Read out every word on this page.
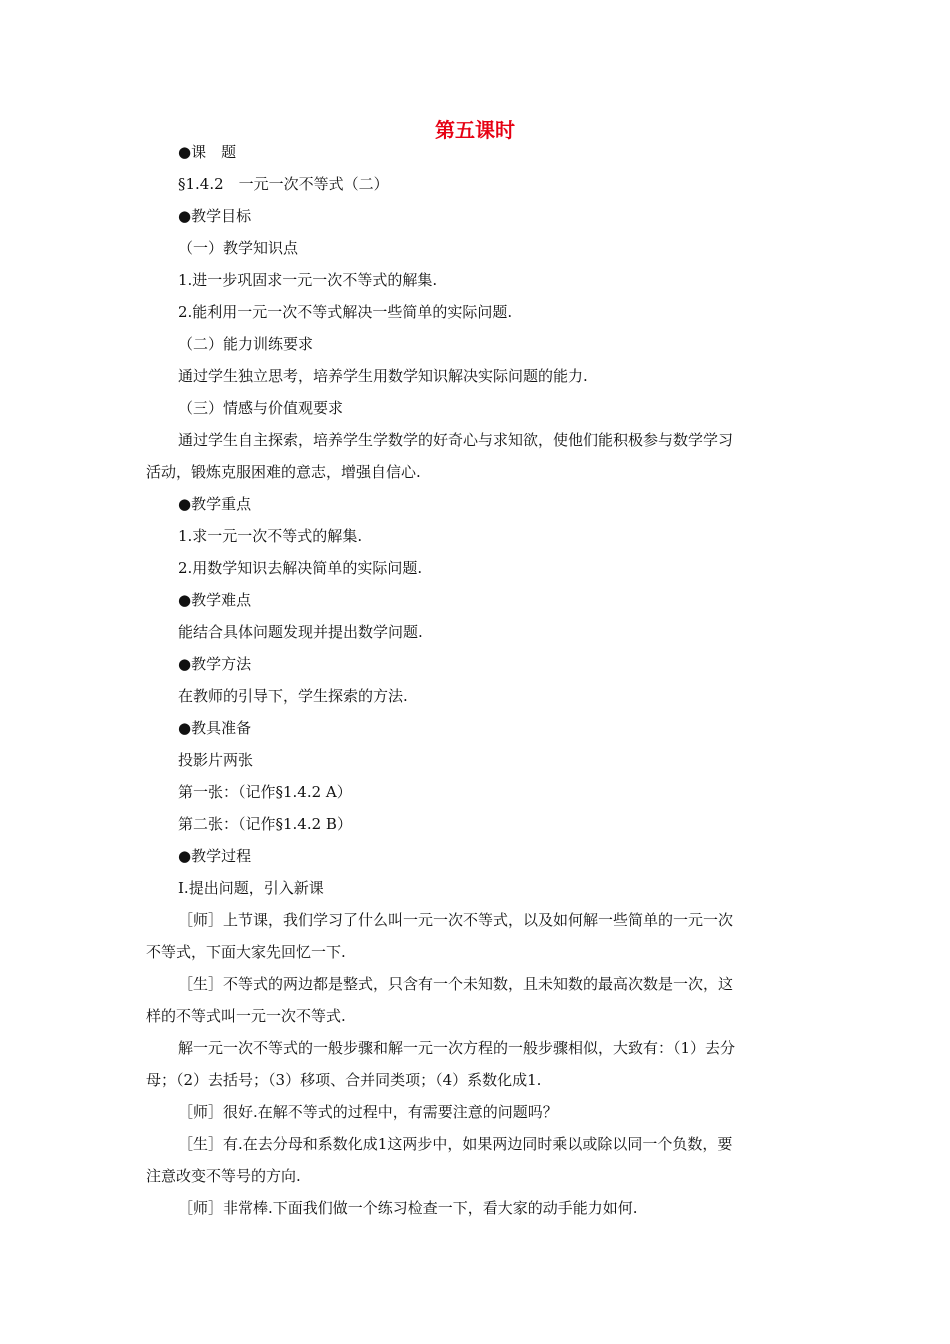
第五课时
●课　题
§1.4.2　一元一次不等式（二）
●教学目标
（一）教学知识点
1.进一步巩固求一元一次不等式的解集.
2.能利用一元一次不等式解决一些简单的实际问题.
（二）能力训练要求
通过学生独立思考，培养学生用数学知识解决实际问题的能力.
（三）情感与价值观要求
通过学生自主探索，培养学生学数学的好奇心与求知欲，使他们能积极参与数学学习
活动，锻炼克服困难的意志，增强自信心.
●教学重点
1.求一元一次不等式的解集.
2.用数学知识去解决简单的实际问题.
●教学难点
能结合具体问题发现并提出数学问题.
●教学方法
在教师的引导下，学生探索的方法.
●教具准备
投影片两张
第一张：（记作§1.4.2 A）
第二张：（记作§1.4.2 B）
●教学过程
Ⅰ.提出问题，引入新课
［师］上节课，我们学习了什么叫一元一次不等式，以及如何解一些简单的一元一次
不等式，下面大家先回忆一下.
［生］不等式的两边都是整式，只含有一个未知数，且未知数的最高次数是一次，这
样的不等式叫一元一次不等式.
解一元一次不等式的一般步骤和解一元一次方程的一般步骤相似，大致有：（1）去分
母；（2）去括号；（3）移项、合并同类项；（4）系数化成1.
［师］很好.在解不等式的过程中，有需要注意的问题吗？
［生］有.在去分母和系数化成1这两步中，如果两边同时乘以或除以同一个负数，要
注意改变不等号的方向.
［师］非常棒.下面我们做一个练习检查一下，看大家的动手能力如何.
